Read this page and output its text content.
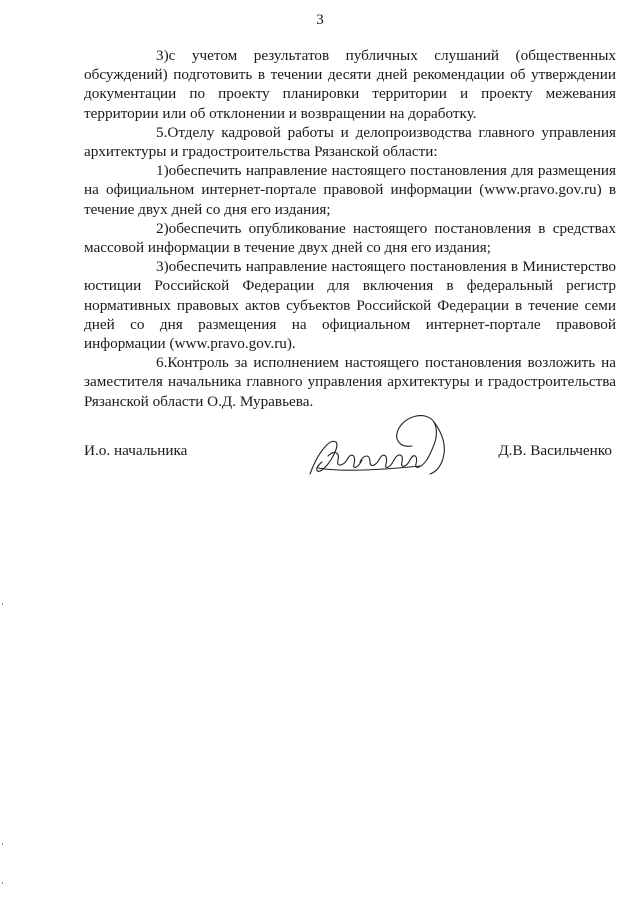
3

3)с учетом результатов публичных слушаний (общественных обсуждений) подготовить в течении десяти дней рекомендации об утверждении документации по проекту планировки территории и проекту межевания территории или об отклонении и возвращении на доработку.

5.Отделу кадровой работы и делопроизводства главного управления архитектуры и градостроительства Рязанской области:

1)обеспечить направление настоящего постановления для размещения на официальном интернет-портале правовой информации (www.pravo.gov.ru) в течение двух дней со дня его издания;

2)обеспечить опубликование настоящего постановления в средствах массовой информации в течение двух дней со дня его издания;

3)обеспечить направление настоящего постановления в Министерство юстиции Российской Федерации для включения в федеральный регистр нормативных правовых актов субъектов Российской Федерации в течение семи дней со дня размещения на официальном интернет-портале правовой информации (www.pravo.gov.ru).

6.Контроль за исполнением настоящего постановления возложить на заместителя начальника главного управления архитектуры и градостроительства Рязанской области О.Д. Муравьева.

И.о. начальника	Д.В. Васильченко
